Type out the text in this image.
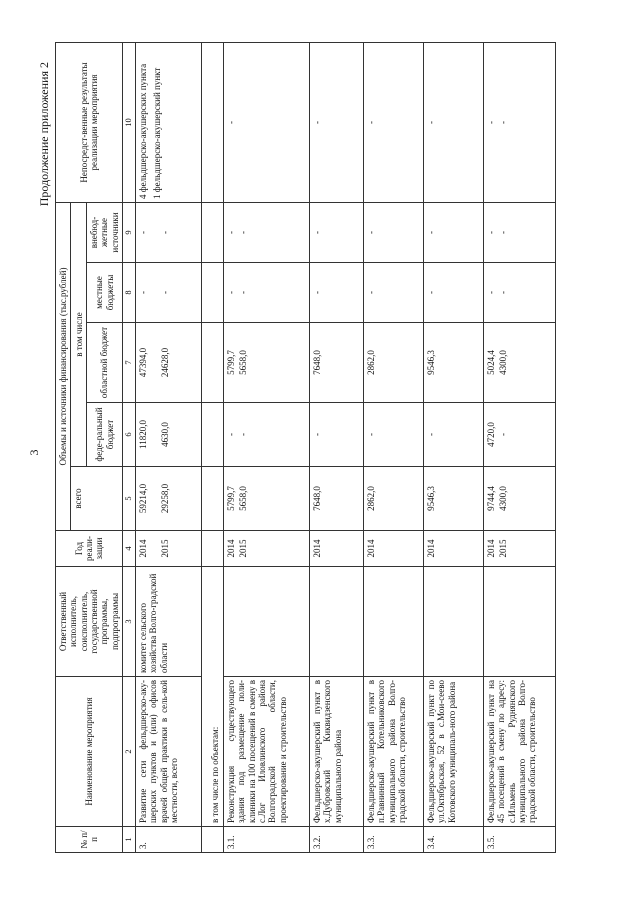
3
Продолжение приложения 2
№ п/п	Наименование мероприятия	Ответственный исполнитель, соисполнитель, государственной программы, подпрограммы	Год реали-зации	Объемы и источники финансирования (тыс.рублей)					Непосредст-венные результаты реализации мероприятия
				всего	в том числе				
					феде-ральный бюджет	областной бюджет	местные бюджеты	внебюд-жетные источники	
1	2	3	4	5	6	7	8	9	10
3.	Развитие сети фельдшерско-аку-шерских пунктов и (или) офисов врачей общей практики в сель-кой местности, всего	комитет сельского хозяйства Волго-градской области	2014 2015	59214,0 29258,0	11820,0 4630,0	47394,0 24628,0	- -	- -	4 фельдшерско-акушерских пункта 1 фельдшерско-акушерский пункт

	в том числе по объектам:								
3.1.	Реконструкция существующего здания под размещение поли-клиники на 100 посещений в смену в с.Лог Иловлинского района Волгоградской области, проектирование и строительство		2014 2015	5799,7 5658,0	- -	5799,7 5658,0	- -	- -	-
3.2.	Фельдшерско-акушерский пункт в х.Дубровский Киквидзенского муниципального района		2014	7648,0	-	7648,0	-	-	-
3.3.	Фельдшерско-акушерский пункт в п.Равнинный Котельниковского муниципального района Волго-градской области, строительство		2014	2862,0	-	2862,0	-	-	-
3.4.	Фельдшерско-акушерский пункт по ул.Октябрьская, 52 в с.Мои-сеево Котовского муниципаль-ного района		2014	9546,3	-	9546,3	-	-	-
3.5.	Фельдшерско-акушерский пункт на 45 посещений в смену по адресу: с.Ильмень Руднянского муниципального района Волго-градской области, строительство		2014 2015	9744,4 4300,0	4720,0 -	5024,4 4300,0	- -	- -	- -
